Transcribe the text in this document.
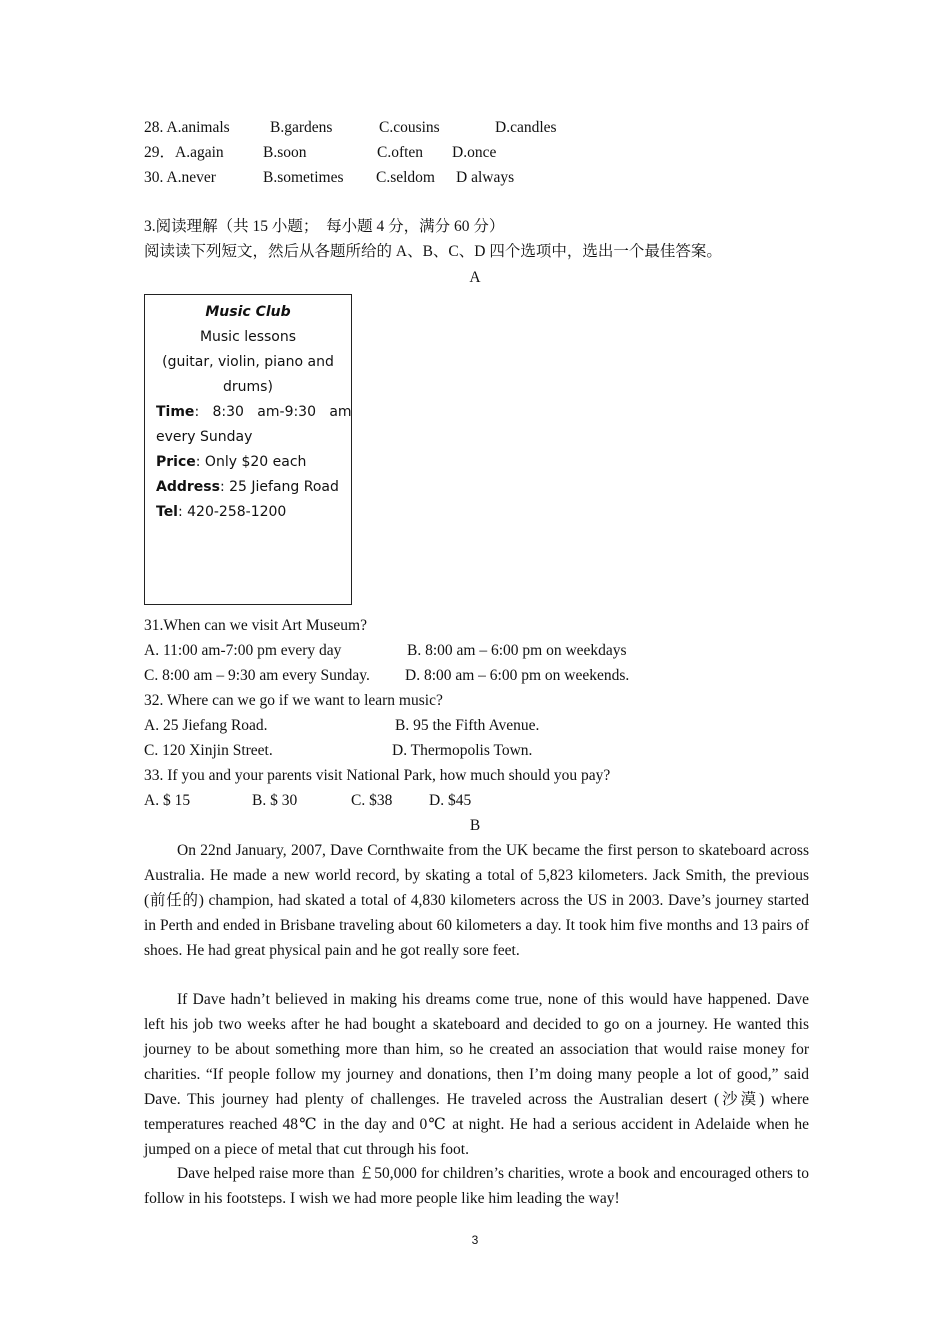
28. A.animals	B.gardens	C.cousins	D.candles
29．A.again	B.soon	C.often D.once
30. A.never	B.sometimes C.seldom D always
3.阅读理解（共 15 小题；  每小题 4 分，满分 60 分）
阅读读下列短文，然后从各题所给的 A、B、C、D 四个选项中，选出一个最佳答案。
A
Music Club
Music lessons
(guitar, violin, piano and
drums)
Time:   8:30   am-9:30   am
every Sunday
Price: Only $20 each
Address: 25 Jiefang Road
Tel: 420-258-1200
31.When can we visit Art Museum?
A. 11:00 am-7:00 pm every day	B. 8:00 am – 6:00 pm on weekdays
C. 8:00 am – 9:30 am every Sunday. D. 8:00 am – 6:00 pm on weekends.
32. Where can we go if we want to learn music?
A. 25 Jiefang Road.	B. 95 the Fifth Avenue.
C. 120 Xinjin Street.	D. Thermopolis Town.
33. If you and your parents visit National Park, how much should you pay?
A. $ 15	B. $ 30	C. $38 D. $45
B
On 22nd January, 2007, Dave Cornthwaite from the UK became the first person to skateboard across Australia. He made a new world record, by skating a total of 5,823 kilometers. Jack Smith, the previous (前任的) champion, had skated a total of 4,830 kilometers across the US in 2003. Dave’s journey started in Perth and ended in Brisbane traveling about 60 kilometers a day. It took him five months and 13 pairs of shoes. He had great physical pain and he got really sore feet.
If Dave hadn’t believed in making his dreams come true, none of this would have happened. Dave left his job two weeks after he had bought a skateboard and decided to go on a journey. He wanted this journey to be about something more than him, so he created an association that would raise money for charities. “If people follow my journey and donations, then I’m doing many people a lot of good,” said Dave. This journey had plenty of challenges. He traveled across the Australian desert (沙漠) where temperatures reached 48℃ in the day and 0℃ at night. He had a serious accident in Adelaide when he jumped on a piece of metal that cut through his foot.
Dave helped raise more than ￡50,000 for children’s charities, wrote a book and encouraged others to follow in his footsteps. I wish we had more people like him leading the way!
3
